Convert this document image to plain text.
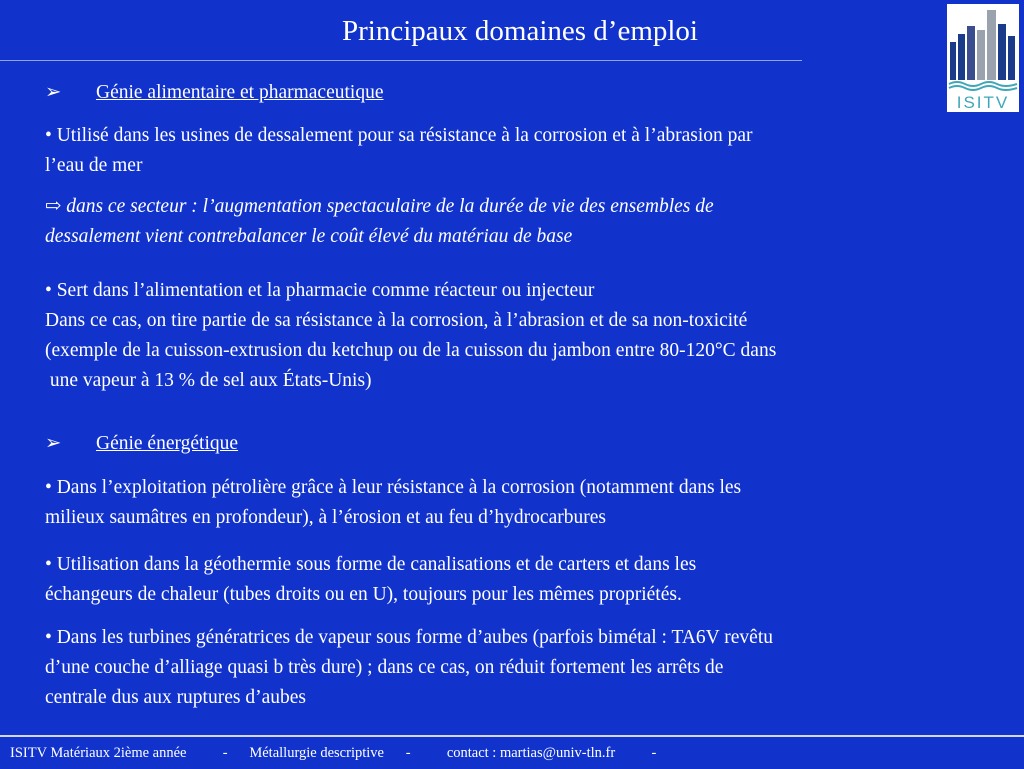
Principaux domaines d’emploi
ISITV
➢ Génie alimentaire et pharmaceutique

• Utilisé dans les usines de dessalement pour sa résistance à la corrosion et à l’abrasion par

l’eau de mer

⇨ dans ce secteur : l’augmentation spectaculaire de la durée de vie des ensembles de

dessalement vient contrebalancer le coût élevé du matériau de base

• Sert dans l’alimentation et la pharmacie comme réacteur ou injecteur

Dans ce cas, on tire partie de sa résistance à la corrosion, à l’abrasion et de sa non-toxicité

(exemple de la cuisson-extrusion du ketchup ou de la cuisson du jambon entre 80-120°C dans

une vapeur à 13 % de sel aux États-Unis)

➢ Génie énergétique

• Dans l’exploitation pétrolière grâce à leur résistance à la corrosion (notamment dans les

milieux saumâtres en profondeur), à l’érosion et au feu d’hydrocarbures

• Utilisation dans la géothermie sous forme de canalisations et de carters et dans les

échangeurs de chaleur (tubes droits ou en U), toujours pour les mêmes propriétés.

• Dans les turbines génératrices de vapeur sous forme d’aubes (parfois bimétal : TA6V revêtu

d’une couche d’alliage quasi b très dure) ; dans ce cas, on réduit fortement les arrêts de

centrale dus aux ruptures d’aubes

ISITV Matériaux 2ième année	- Métallurgie descriptive -	contact : martias@univ-tln.fr	-
